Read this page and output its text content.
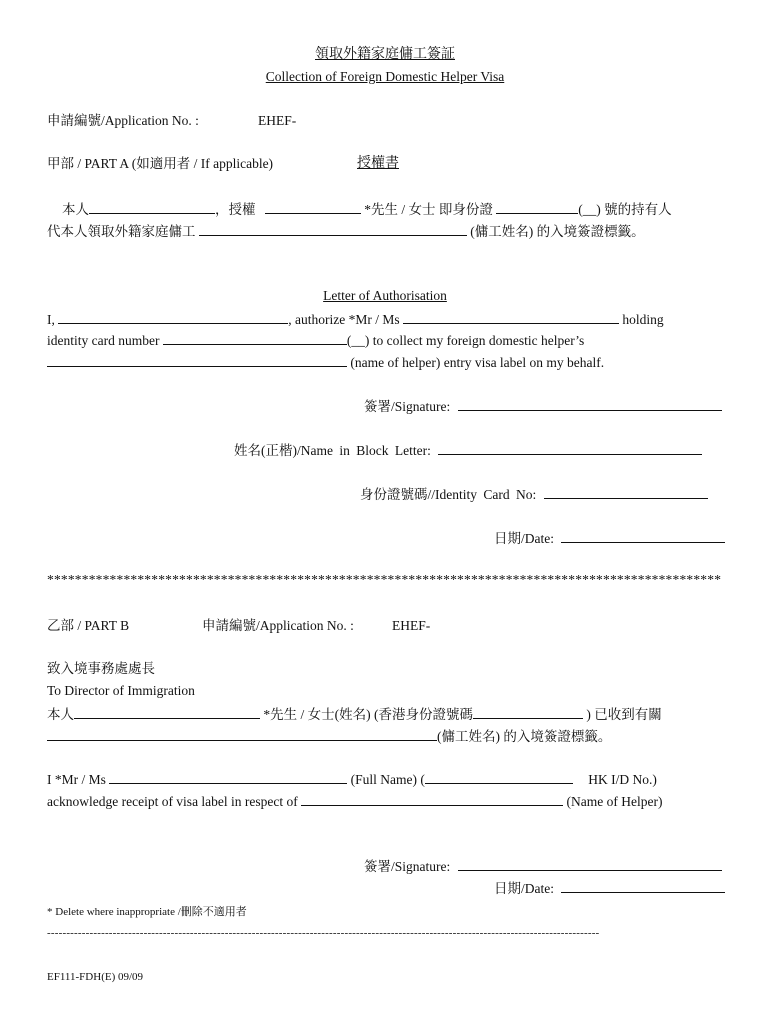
領取外籍家庭傭工簽証
Collection of Foreign Domestic Helper Visa
申請編號/Application No. :	EHEF-
甲部 / PART A (如適用者 / If applicable)	授權書
本人	，授權	*先生 / 女士 即身份證	(__) 號的持有人
代本人領取外籍家庭傭工	(傭工姓名) 的入境簽證標籤。
Letter of Authorisation
I,	, authorize *Mr / Ms	holding
identity card number	(__) to collect my foreign domestic helper’s
(name of helper) entry visa label on my behalf.
簽署/Signature:
姓名(正楷)/Name in Block Letter:
身份證號碼//Identity Card No:
日期/Date:
*************************************************************************************************
乙部 / PART B	申請編號/Application No. :	EHEF-
致入境事務處處長
To Director of Immigration
本人	*先生 / 女士(姓名) (香港身份證號碼	) 已收到有關
(傭工姓名) 的入境簽證標籤。
I *Mr / Ms	(Full Name) (	HK I/D No.)
acknowledge receipt of visa label in respect of	(Name of Helper)
簽署/Signature:
日期/Date:
* Delete where inappropriate /刪除不適用者
-----------------------------------------------------------------------------------------------------------------------------------------------
EF111-FDH(E) 09/09
